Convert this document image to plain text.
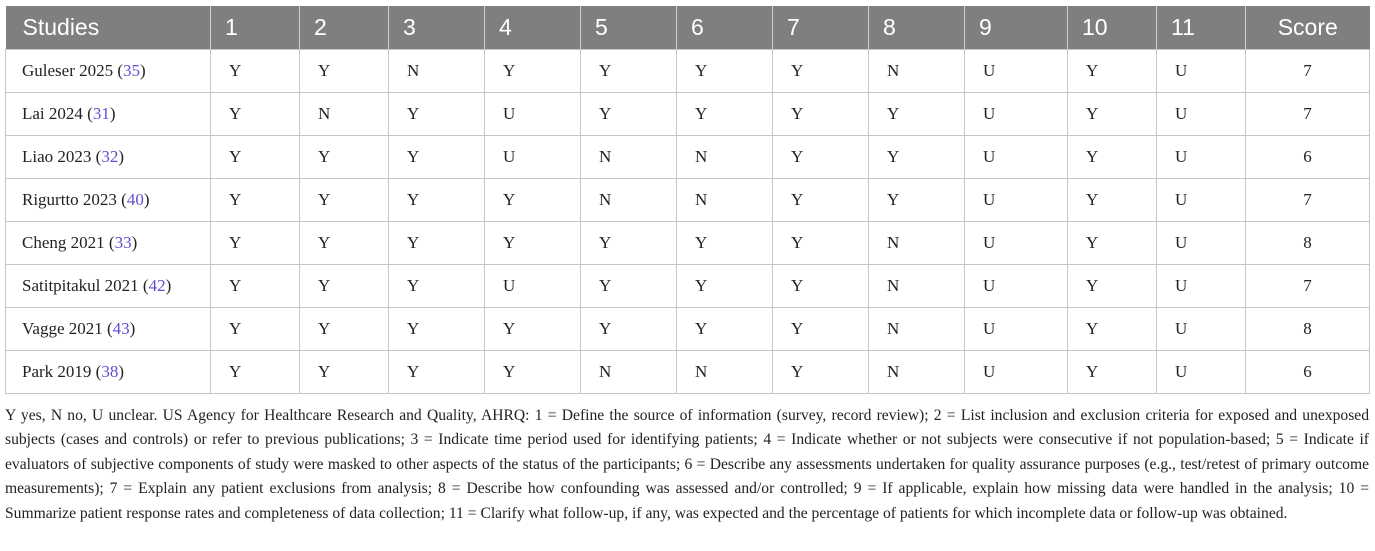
Studies	1	2	3	4	5	6	7	8	9	10	11	Score
Guleser 2025 (35)	Y	Y	N	Y	Y	Y	Y	N	U	Y	U	7
Lai 2024 (31)	Y	N	Y	U	Y	Y	Y	Y	U	Y	U	7
Liao 2023 (32)	Y	Y	Y	U	N	N	Y	Y	U	Y	U	6
Rigurtto 2023 (40)	Y	Y	Y	Y	N	N	Y	Y	U	Y	U	7
Cheng 2021 (33)	Y	Y	Y	Y	Y	Y	Y	N	U	Y	U	8
Satitpitakul 2021 (42)	Y	Y	Y	U	Y	Y	Y	N	U	Y	U	7
Vagge 2021 (43)	Y	Y	Y	Y	Y	Y	Y	N	U	Y	U	8
Park 2019 (38)	Y	Y	Y	Y	N	N	Y	N	U	Y	U	6

Y yes, N no, U unclear. US Agency for Healthcare Research and Quality, AHRQ: 1 = Define the source of information (survey, record review); 2 = List inclusion and exclusion criteria for exposed and unexposed subjects (cases and controls) or refer to previous publications; 3 = Indicate time period used for identifying patients; 4 = Indicate whether or not subjects were consecutive if not population-based; 5 = Indicate if evaluators of subjective components of study were masked to other aspects of the status of the participants; 6 = Describe any assessments undertaken for quality assurance purposes (e.g., test/retest of primary outcome measurements); 7 = Explain any patient exclusions from analysis; 8 = Describe how confounding was assessed and/or controlled; 9 = If applicable, explain how missing data were handled in the analysis; 10 = Summarize patient response rates and completeness of data collection; 11 = Clarify what follow-up, if any, was expected and the percentage of patients for which incomplete data or follow-up was obtained.
